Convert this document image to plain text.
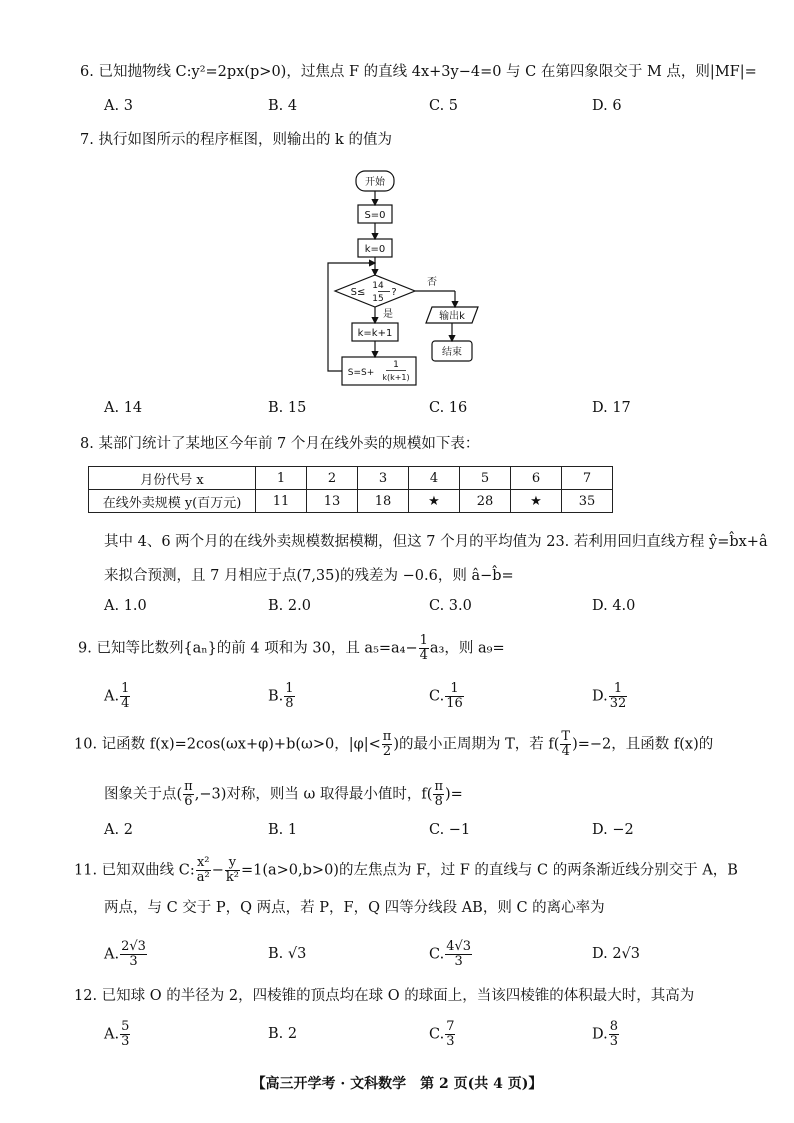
6. 已知抛物线 C:y²=2px(p>0)，过焦点 F 的直线 4x+3y−4=0 与 C 在第四象限交于 M 点，则|MF|=
A. 3	B. 4	C. 5	D. 6
7. 执行如图所示的程序框图，则输出的 k 的值为
开始
S=0
k=0
S≤
14
15
?
否
是
k=k+1
S=S+
1
k(k+1)
输出k
结束
A. 14	B. 15	C. 16	D. 17
8. 某部门统计了某地区今年前 7 个月在线外卖的规模如下表：
月份代号 x	1	2	3	4	5	6	7
在线外卖规模 y(百万元)	11	13	18	★	28	★	35
其中 4、6 两个月的在线外卖规模数据模糊，但这 7 个月的平均值为 23. 若利用回归直线方程 ŷ=b̂x+â
来拟合预测，且 7 月相应于点(7,35)的残差为 −0.6，则 â−b̂=
A. 1.0	B. 2.0	C. 3.0	D. 4.0
9. 已知等比数列{aₙ}的前 4 项和为 30，且 $a_5=a_4- \frac{1}{4} a_3$，则 a₉=
A. $\frac{1}{4}$	B. $\frac{1}{8}$	C. $\frac{1}{16}$	D. $\frac{1}{32}$
10. 记函数 f(x)=2cos(ωx+φ)+b(ω>0，$|\varphi|< \frac{\pi}{2}$ )的最小正周期为 T，若 $f( \frac{T}{4} )=-2$，且函数 f(x)的
图象关于点( $\frac{\pi}{6} ,-3$)对称，则当 ω 取得最小值时，$f( \frac{\pi}{8}$ )=
A. 2	B. 1	C. −1	D. −2
11. 已知双曲线 C: $\frac{\text{x²}}{\text{a²}} - \frac{y}{\text{k²}} =1(a>0,b>0)$的左焦点为 F，过 F 的直线与 C 的两条渐近线分别交于 A，B
两点，与 C 交于 P，Q 两点，若 P，F，Q 四等分线段 AB，则 C 的离心率为
A. $\frac{2√3}{3}$	B. √3	C. $\frac{4√3}{3}$	D. 2√3
12. 已知球 O 的半径为 2，四棱锥的顶点均在球 O 的球面上，当该四棱锥的体积最大时，其高为
A. $\frac{5}{3}$	B. 2	C. $\frac{7}{3}$	D. $\frac{8}{3}$
【高三开学考 · 文科数学　第 2 页(共 4 页)】
